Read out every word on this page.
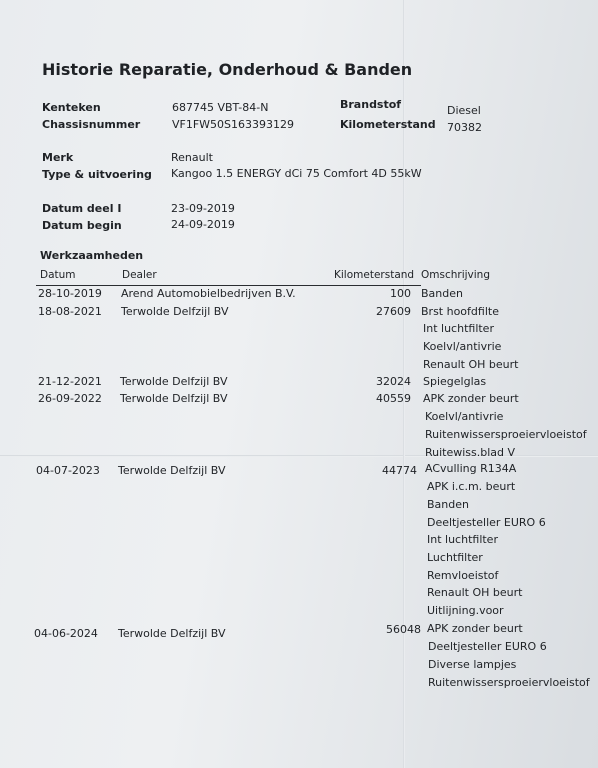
Historie Reparatie, Onderhoud & Banden
Kenteken	687745 VBT-84-N
Chassisnummer	VF1FW50S163393129
Brandstof	Diesel
Kilometerstand 70382
Merk	Renault
Type & uitvoering Kangoo 1.5 ENERGY dCi 75 Comfort 4D 55kW
Datum deel I	23-09-2019
Datum begin	24-09-2019
Werkzaamheden
Datum	Dealer	Kilometerstand Omschrijving
28-10-2019 Arend Automobielbedrijven B.V.	100 Banden
18-08-2021 Terwolde Delfzijl BV	27609 Brst hoofdfilte
Int luchtfilter
Koelvl/antivrie
Renault OH beurt
21-12-2021 Terwolde Delfzijl BV	32024 Spiegelglas
26-09-2022 Terwolde Delfzijl BV	40559 APK zonder beurt
Koelvl/antivrie
Ruitenwissersproeiervloeistof
Ruitewiss.blad V
04-07-2023 Terwolde Delfzijl BV	44774 ACvulling R134A
APK i.c.m. beurt
Banden
Deeltjesteller EURO 6
Int luchtfilter
Luchtfilter
Remvloeistof
Renault OH beurt
Uitlijning.voor
04-06-2024 Terwolde Delfzijl BV	56048 APK zonder beurt
Deeltjesteller EURO 6
Diverse lampjes
Ruitenwissersproeiervloeistof
